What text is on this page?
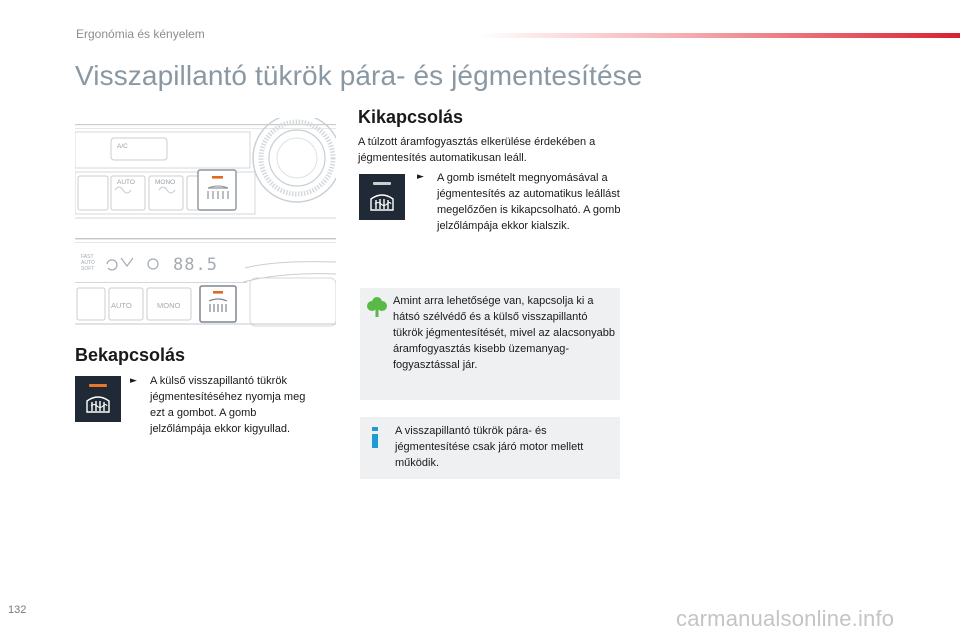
Ergonómia és kényelem
Visszapillantó tükrök pára- és jégmentesítése
A/C
AUTO	MONO
FAST
AUTO
SOFT	88.5
AUTO	MONO
Bekapcsolás
► A külső visszapillantó tükrök jégmentesítéséhez nyomja meg ezt a gombot. A gomb jelzőlámpája ekkor kigyullad.
Kikapcsolás
A túlzott áramfogyasztás elkerülése érdekében a jégmentesítés automatikusan leáll.
► A gomb ismételt megnyomásával a jégmentesítés az automatikus leállást megelőzően is kikapcsolható. A gomb jelzőlámpája ekkor kialszik.
Amint arra lehetősége van, kapcsolja ki a hátsó szélvédő és a külső visszapillantó tükrök jégmentesítését, mivel az alacsonyabb áramfogyasztás kisebb üzemanyag-fogyasztással jár.
A visszapillantó tükrök pára- és jégmentesítése csak járó motor mellett működik.
132	carmanualsonline.info
